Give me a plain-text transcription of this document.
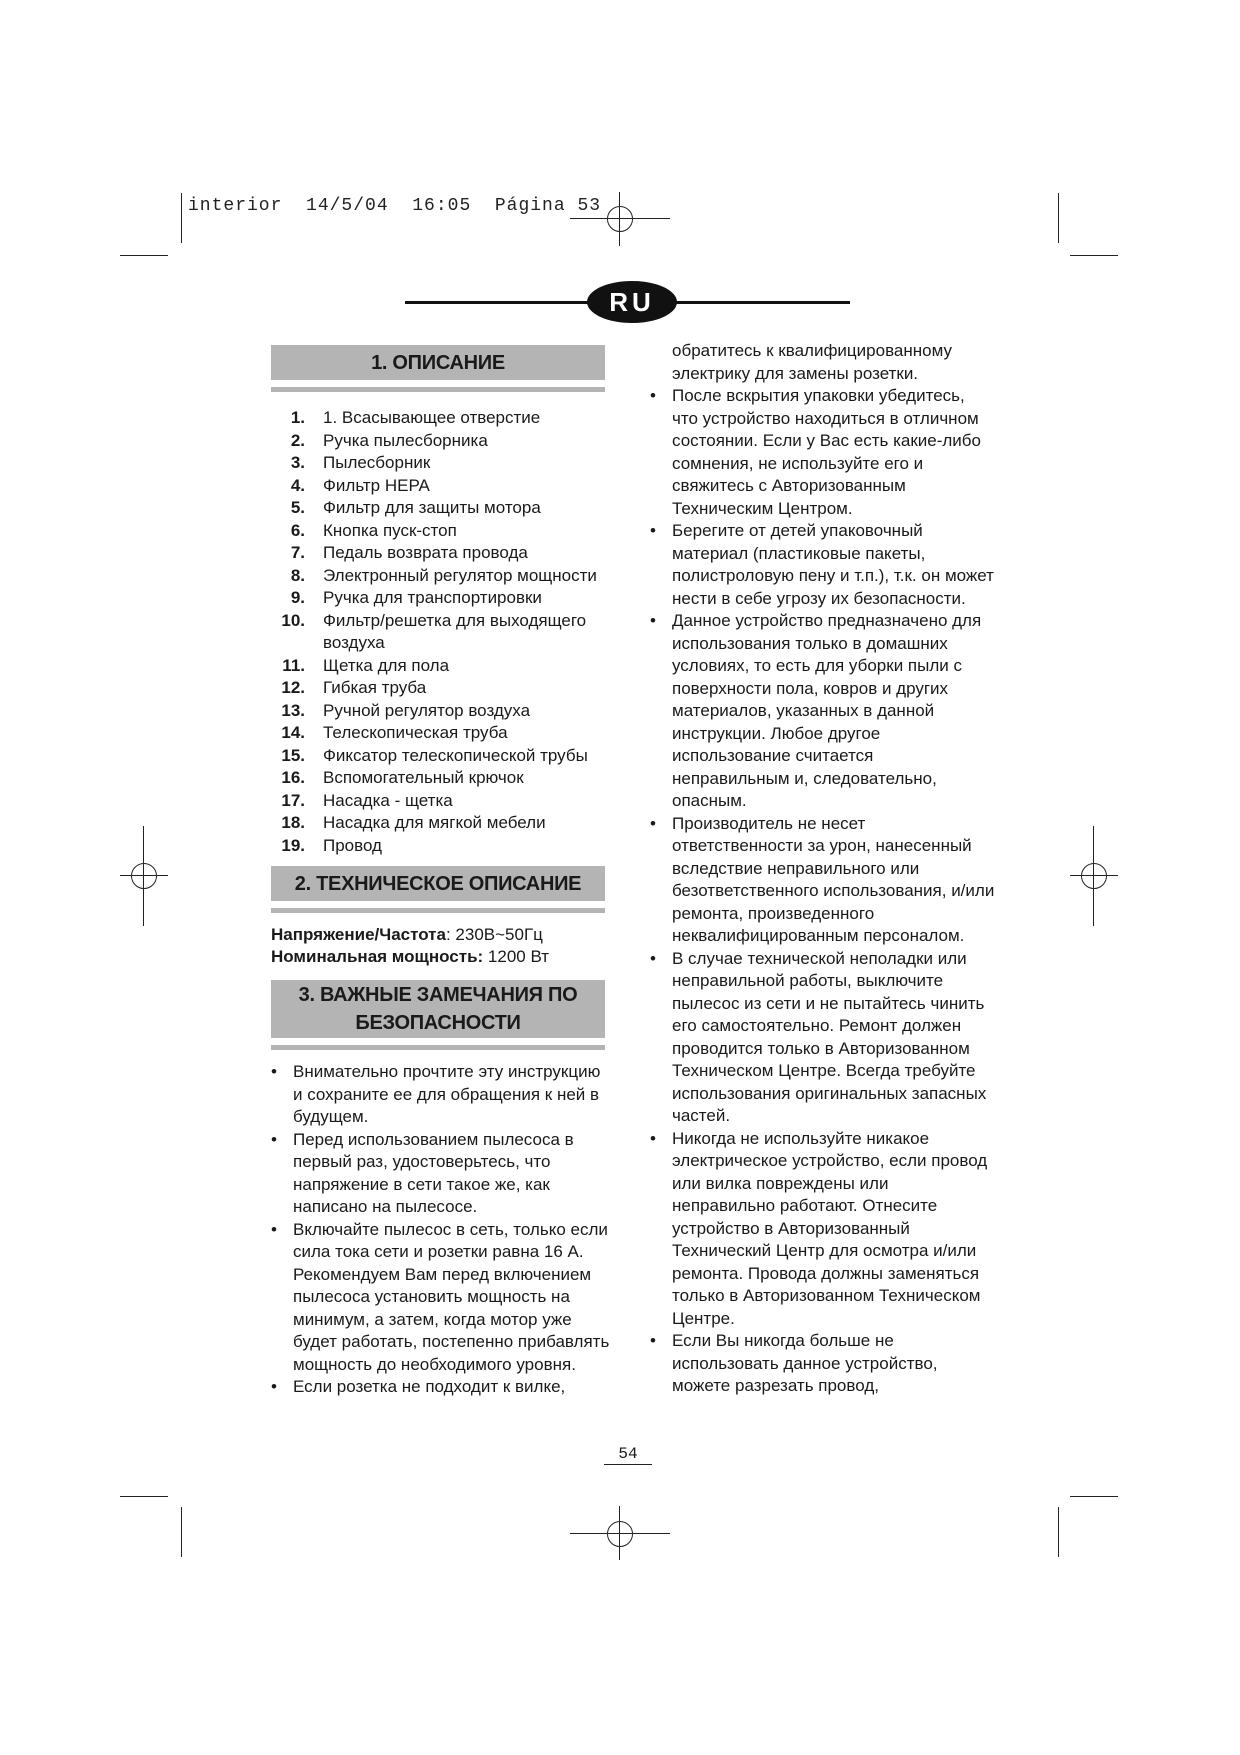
interior  14/5/04  16:05  Página 53
RU
1. ОПИСАНИЕ
1.	1. Всасывающее отверстие
2.	Ручка пылесборника
3.	Пылесборник
4.	Фильтр HEPA
5.	Фильтр для защиты мотора
6.	Кнопка пуск-стоп
7.	Педаль возврата провода
8.	Электронный регулятор мощности
9.	Ручка для транспортировки
10.	Фильтр/решетка для выходящего воздуха
11.	Щетка для пола
12.	Гибкая труба
13.	Ручной регулятор воздуха
14.	Телескопическая труба
15.	Фиксатор телескопической трубы
16.	Вспомогательный крючок
17.	Насадка - щетка
18.	Насадка для мягкой мебели
19.	Провод
2. ТЕХНИЧЕСКОЕ ОПИСАНИЕ
Напряжение/Частота: 230В~50Гц
Номинальная мощность: 1200 Вт
3. ВАЖНЫЕ ЗАМЕЧАНИЯ ПО
БЕЗОПАСНОСТИ
• Внимательно прочтите эту инструкцию и сохраните ее для обращения к ней в будущем.
• Перед использованием пылесоса в первый раз, удостоверьтесь, что напряжение в сети такое же, как написано на пылесосе.
• Включайте пылесос в сеть, только если сила тока сети и розетки равна 16 А. Рекомендуем Вам перед включением пылесоса установить мощность на минимум, а затем, когда мотор уже будет работать, постепенно прибавлять мощность до необходимого уровня.
• Если розетка не подходит к вилке,
обратитесь к квалифицированному электрику для замены розетки.
• После вскрытия упаковки убедитесь, что устройство находиться в отличном состоянии. Если у Вас есть какие-либо сомнения, не используйте его и свяжитесь с Авторизованным Техническим Центром.
• Берегите от детей упаковочный материал (пластиковые пакеты, полистроловую пену и т.п.), т.к. он может нести в себе угрозу их безопасности.
• Данное устройство предназначено для использования только в домашних условиях, то есть для уборки пыли с поверхности пола, ковров и других материалов, указанных в данной инструкции. Любое другое использование считается неправильным и, следовательно, опасным.
• Производитель не несет ответственности за урон, нанесенный вследствие неправильного или безответственного использования, и/или ремонта, произведенного неквалифицированным персоналом.
• В случае технической неполадки или неправильной работы, выключите пылесос из сети и не пытайтесь чинить его самостоятельно. Ремонт должен проводится только в Авторизованном Техническом Центре. Всегда требуйте использования оригинальных запасных частей.
• Никогда не используйте никакое электрическое устройство, если провод или вилка повреждены или неправильно работают. Отнесите устройство в Авторизованный Технический Центр для осмотра и/или ремонта. Провода должны заменяться только в Авторизованном Техническом Центре.
• Если Вы никогда больше не использовать данное устройство, можете разрезать провод,
54
